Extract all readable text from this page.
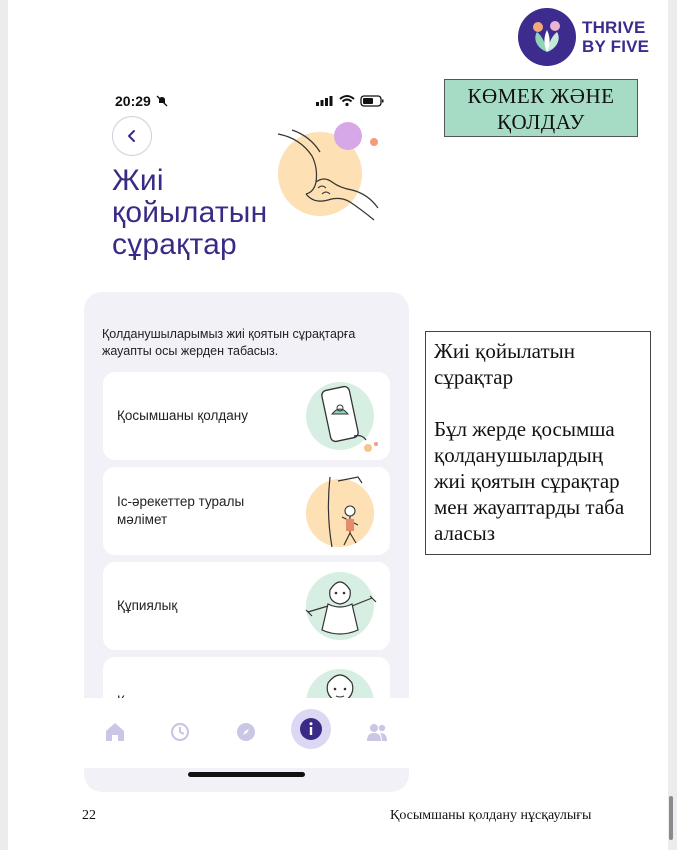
THRIVE
BY FIVE
КӨМЕК ЖӘНЕ
ҚОЛДАУ
20:29
Жиі
қойылатын
сұрақтар
Қолданушыларымыз жиі қоятын сұрақтарға жауапты осы жерден табасыз.
Қосымшаны қолдану
Іс-әрекеттер туралы мәлімет
Құпиялық

Жиі қойылатын

сұрақтар

Бұл жерде қосымша

қолданушылардың

жиі қоятын сұрақтар

мен жауаптарды таба

аласыз

22	Қосымшаны қолдану нұсқаулығы
